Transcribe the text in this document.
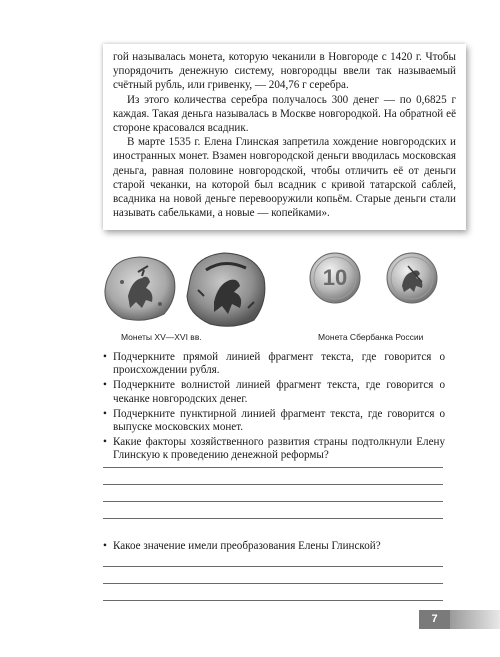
гой называлась монета, которую чеканили в Новгороде с 1420 г. Чтобы упорядочить денежную систему, новгородцы ввели так называемый счётный рубль, или гривенку, — 204,76 г серебра.

Из этого количества серебра получалось 300 денег — по 0,6825 г каждая. Такая деньга называлась в Москве новгородкой. На обратной её стороне красовался всадник.

В марте 1535 г. Елена Глинская запретила хождение новгородских и иностранных монет. Взамен новгородской деньги вводилась московская деньга, равная половине новгородской, чтобы отличить её от деньги старой чеканки, на которой был всадник с кривой татарской саблей, всадника на новой деньге перевооружили копьём. Старые деньги стали называть сабельками, а новые — копейками».

10
Монеты XV—XVI вв.	Монета Сбербанка России
• Подчеркните прямой линией фрагмент текста, где говорится о происхождении рубля.
• Подчеркните волнистой линией фрагмент текста, где говорится о чеканке новгородских денег.
• Подчеркните пунктирной линией фрагмент текста, где говорится о выпуске московских монет.
• Какие факторы хозяйственного развития страны подтолкнули Елену Глинскую к проведению денежной реформы?
• Какое значение имели преобразования Елены Глинской?
7
